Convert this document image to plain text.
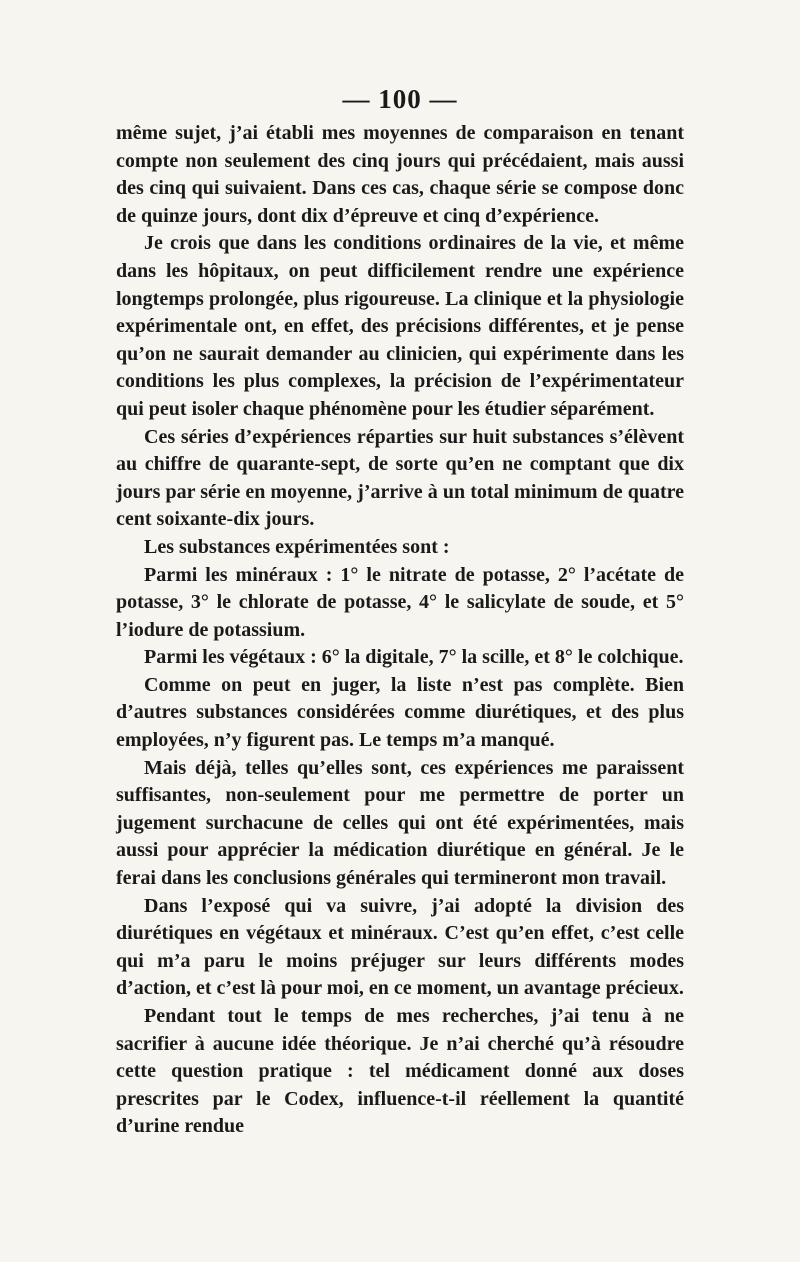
— 100 —

même sujet, j’ai établi mes moyennes de comparaison en tenant compte non seulement des cinq jours qui précédaient, mais aussi des cinq qui suivaient. Dans ces cas, chaque série se compose donc de quinze jours, dont dix d’épreuve et cinq d’expérience.

Je crois que dans les conditions ordinaires de la vie, et même dans les hôpitaux, on peut difficilement rendre une expérience longtemps prolongée, plus rigoureuse. La clinique et la physiologie expérimentale ont, en effet, des précisions différentes, et je pense qu’on ne saurait demander au clinicien, qui expérimente dans les conditions les plus complexes, la précision de l’expérimentateur qui peut isoler chaque phénomène pour les étudier séparément.

Ces séries d’expériences réparties sur huit substances s’élèvent au chiffre de quarante-sept, de sorte qu’en ne comptant que dix jours par série en moyenne, j’arrive à un total minimum de quatre cent soixante-dix jours.

Les substances expérimentées sont :

Parmi les minéraux : 1° le nitrate de potasse, 2° l’acétate de potasse, 3° le chlorate de potasse, 4° le salicylate de soude, et 5° l’iodure de potassium.

Parmi les végétaux : 6° la digitale, 7° la scille, et 8° le colchique.

Comme on peut en juger, la liste n’est pas complète. Bien d’autres substances considérées comme diurétiques, et des plus employées, n’y figurent pas. Le temps m’a manqué.

Mais déjà, telles qu’elles sont, ces expériences me paraissent suffisantes, non-seulement pour me permettre de porter un jugement surchacune de celles qui ont été expérimentées, mais aussi pour apprécier la médication diurétique en général. Je le ferai dans les conclusions générales qui termineront mon travail.

Dans l’exposé qui va suivre, j’ai adopté la division des diurétiques en végétaux et minéraux. C’est qu’en effet, c’est celle qui m’a paru le moins préjuger sur leurs différents modes d’action, et c’est là pour moi, en ce moment, un avantage précieux.

Pendant tout le temps de mes recherches, j’ai tenu à ne sacrifier à aucune idée théorique. Je n’ai cherché qu’à résoudre cette question pratique : tel médicament donné aux doses prescrites par le Codex, influence-t-il réellement la quantité d’urine rendue
